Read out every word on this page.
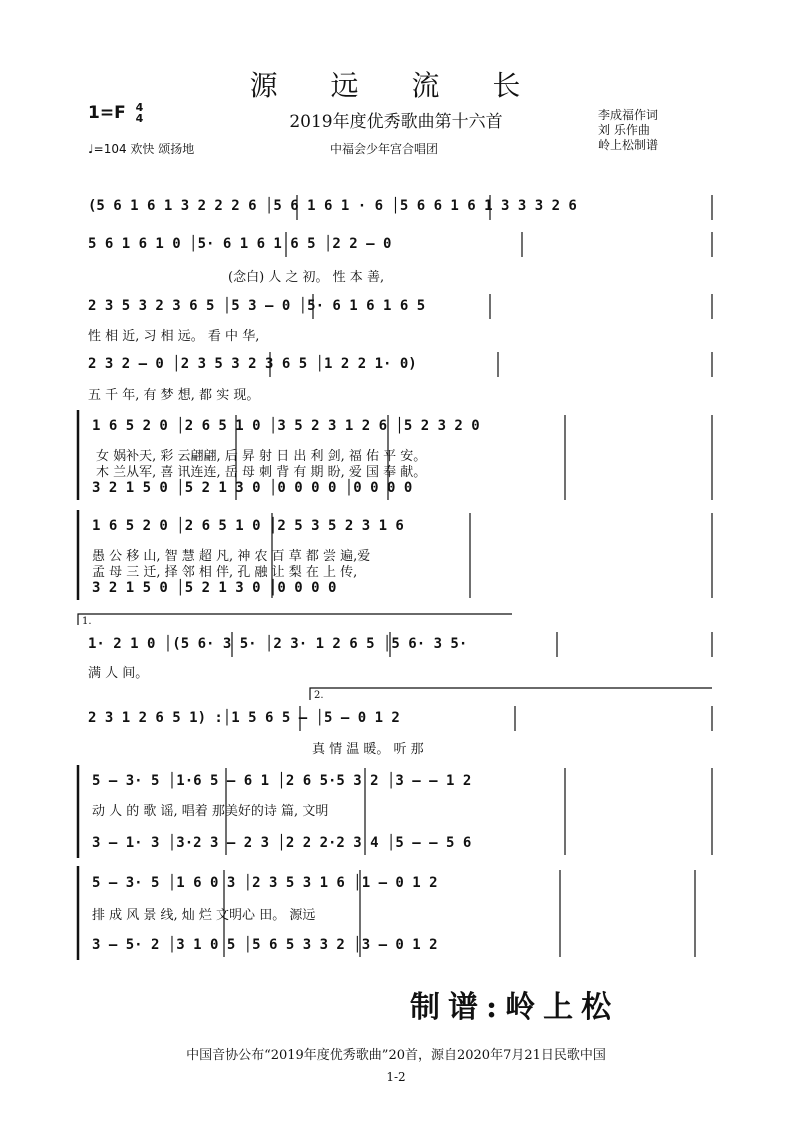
源 远 流 长
2019年度优秀歌曲第十六首
1=F 4
4
♩=104 欢快 颂扬地	中福会少年宫合唱团
李成福作词
刘 乐作曲
岭上松制谱
(5 6 1 6 1 3 2 2 2 6 │5 6 1 6 1 · 6 │5 6 6 1 6 1 3 3 3 2 6
5 6 1 6 1 0 │5· 6 1 6 1 6 5 │2 2 – 0
(念白) 人 之 初。 性 本 善,
2 3 5 3 2 3 6 5 │5 3 – 0 │5· 6 1 6 1 6 5
性 相 近, 习 相 远。 看 中 华,
2 3 2 – 0 │2 3 5 3 2 3 6 5 │1 2 2 1· 0)
五 千 年, 有 梦 想, 都 实 现。
1 6 5 2 0 │2 6 5 1 0 │3 5 2 3 1 2 6 │5 2 3 2 0
女 娲补天, 彩 云翩翩, 后 昇 射 日 出 利 剑, 福 佑 平 安。
木 兰从军, 喜 讯连连, 岳 母 刺 背 有 期 盼, 爱 国 奉 献。
3 2 1 5 0 │5 2 1 3 0 │0 0 0 0 │0 0 0 0
1 6 5 2 0 │2 6 5 1 0 │2 5 3 5 2 3 1 6
愚 公 移 山, 智 慧 超 凡, 神 农 百 草 都 尝 遍,爱
孟 母 三 迁, 择 邻 相 伴, 孔 融 让 梨 在 上 传,
3 2 1 5 0 │5 2 1 3 0 │0 0 0 0
1.
1· 2 1 0 │(5 6· 3 5· │2 3· 1 2 6 5 │5 6· 3 5·
满 人 间。
2.
2 3 1 2 6 5 1) :│1 5 6 5 – │5 – 0 1 2
真 情 温 暖。 听 那
5 – 3· 5 │1·6 5 – 6 1 │2 6 5·5 3 2 │3 – – 1 2
动 人 的 歌 谣, 唱着 那美好的诗 篇, 文明
3 – 1· 3 │3·2 3 – 2 3 │2 2 2·2 3 4 │5 – – 5 6
5 – 3· 5 │1 6 0 3 │2 3 5 3 1 6 │1 – 0 1 2
排 成 风 景 线, 灿 烂 文明心 田。 源远
3 – 5· 2 │3 1 0 5 │5 6 5 3 3 2 │3 – 0 1 2
制谱:岭上松
中国音协公布“2019年度优秀歌曲”20首，源自2020年7月21日民歌中国
1-2
